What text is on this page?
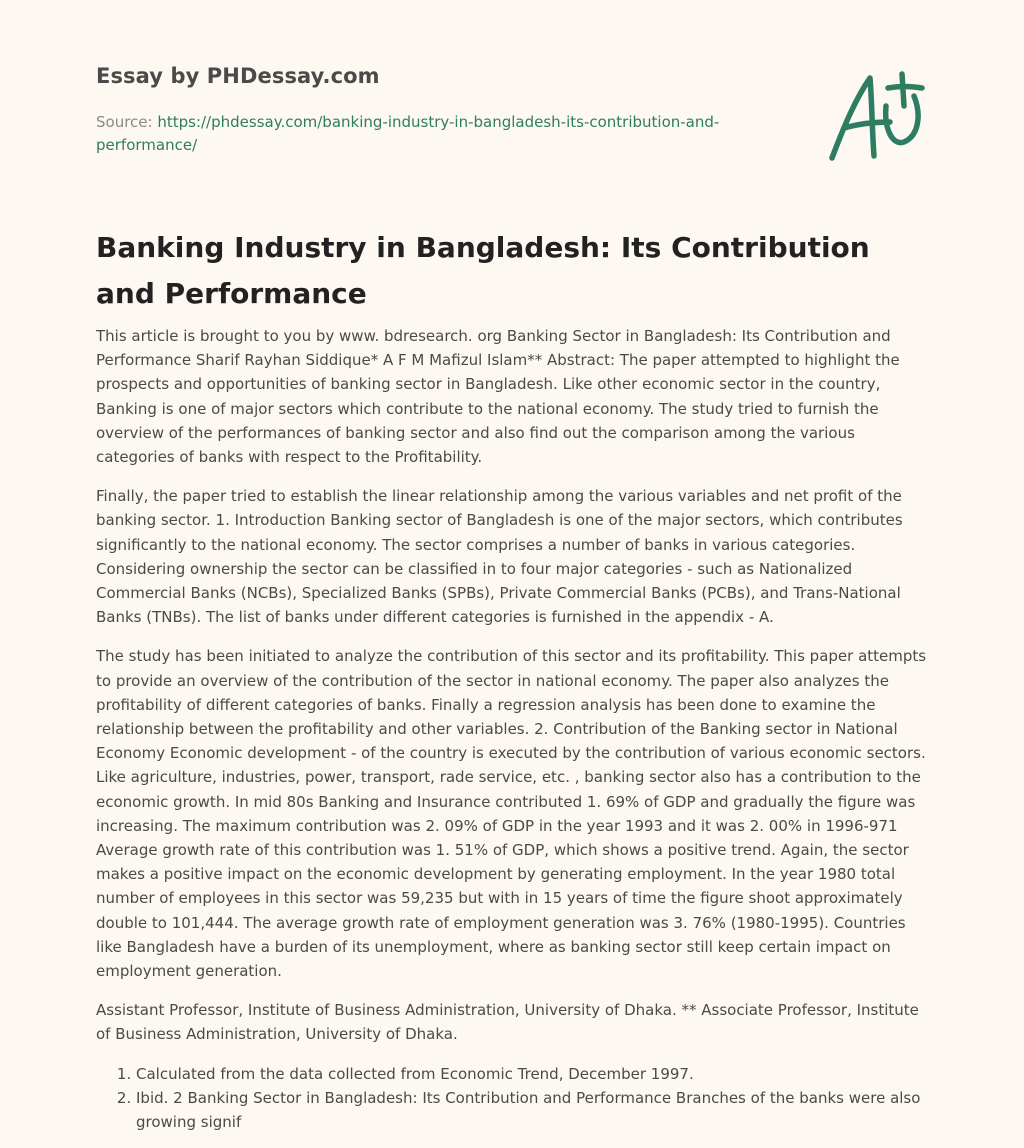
Essay by PHDessay.com
Source: https://phdessay.com/banking-industry-in-bangladesh-its-contribution-and-performance/
Banking Industry in Bangladesh: Its Contribution and Performance

This article is brought to you by www. bdresearch. org Banking Sector in Bangladesh: Its Contribution and Performance Sharif Rayhan Siddique* A F M Mafizul Islam** Abstract: The paper attempted to highlight the prospects and opportunities of banking sector in Bangladesh. Like other economic sector in the country, Banking is one of major sectors which contribute to the national economy. The study tried to furnish the overview of the performances of banking sector and also find out the comparison among the various categories of banks with respect to the Profitability.

Finally, the paper tried to establish the linear relationship among the various variables and net profit of the banking sector. 1. Introduction Banking sector of Bangladesh is one of the major sectors, which contributes significantly to the national economy. The sector comprises a number of banks in various categories. Considering ownership the sector can be classified in to four major categories - such as Nationalized Commercial Banks (NCBs), Specialized Banks (SPBs), Private Commercial Banks (PCBs), and Trans-National Banks (TNBs). The list of banks under different categories is furnished in the appendix - A.

The study has been initiated to analyze the contribution of this sector and its profitability. This paper attempts to provide an overview of the contribution of the sector in national economy. The paper also analyzes the profitability of different categories of banks. Finally a regression analysis has been done to examine the relationship between the profitability and other variables. 2. Contribution of the Banking sector in National Economy Economic development - of the country is executed by the contribution of various economic sectors. Like agriculture, industries, power, transport, rade service, etc. , banking sector also has a contribution to the economic growth. In mid 80s Banking and Insurance contributed 1. 69% of GDP and gradually the figure was increasing. The maximum contribution was 2. 09% of GDP in the year 1993 and it was 2. 00% in 1996-971 Average growth rate of this contribution was 1. 51% of GDP, which shows a positive trend. Again, the sector makes a positive impact on the economic development by generating employment. In the year 1980 total number of employees in this sector was 59,235 but with in 15 years of time the figure shoot approximately double to 101,444. The average growth rate of employment generation was 3. 76% (1980-1995). Countries like Bangladesh have a burden of its unemployment, where as banking sector still keep certain impact on employment generation.

Assistant Professor, Institute of Business Administration, University of Dhaka. ** Associate Professor, Institute of Business Administration, University of Dhaka.

1. Calculated from the data collected from Economic Trend, December 1997.
2. Ibid. 2 Banking Sector in Bangladesh: Its Contribution and Performance Branches of the banks were also growing signif
